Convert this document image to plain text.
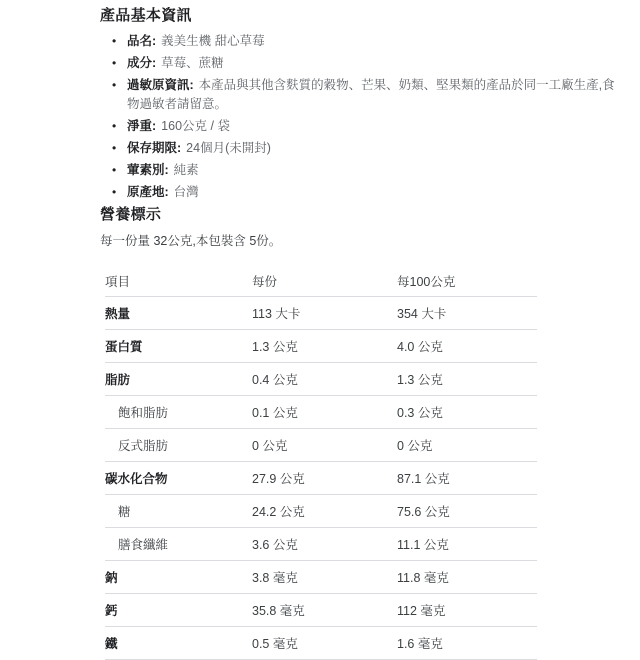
產品基本資訊
•
品名: 義美生機 甜心草莓
•
成分: 草莓、蔗糖
•
過敏原資訊: 本產品與其他含麩質的穀物、芒果、奶類、堅果類的產品於同一工廠生產,食物過敏者請留意。
•
淨重: 160公克 / 袋
•
保存期限: 24個月(未開封)
•
葷素別: 純素
•
原產地: 台灣
營養標示

每一份量 32公克,本包裝含 5份。

項目	每份	每100公克
熱量	113 大卡	354 大卡
蛋白質	1.3 公克	4.0 公克
脂肪	0.4 公克	1.3 公克
飽和脂肪	0.1 公克	0.3 公克
反式脂肪	0 公克	0 公克
碳水化合物	27.9 公克	87.1 公克
糖	24.2 公克	75.6 公克
膳食纖維	3.6 公克	11.1 公克
鈉	3.8 毫克	11.8 毫克
鈣	35.8 毫克	112 毫克
鐵	0.5 毫克	1.6 毫克
